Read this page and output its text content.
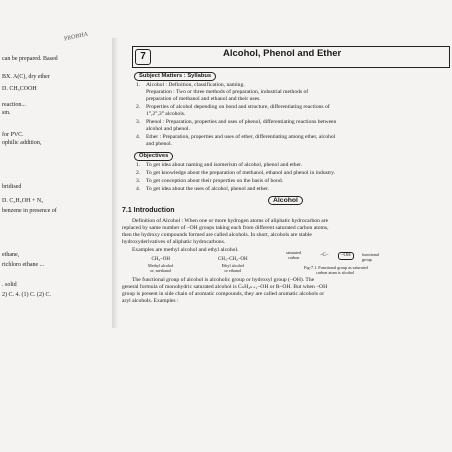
can be prepared. Based
BX. A(C), dry ether
D. CH₃COOH
reaction...
sm.
for PVC.
ophilic addition,
bridised
D. C₂H₅OH + N₂
benzene in presence of
ethane,
richloro ethane ...
. solid
2) C. 4. (1) C. (2) C.
PROBHA
7	Alcohol, Phenol and Ether
Subject Matters : Syllabus
1. Alcohol : Definition, classification, naming.
Preparation : Two or three methods of preparation, industrial methods of
preparation of methanol and ethanol and their uses.
2. Properties of alcohol depending on bond and structure, differentiating reactions of
1°,2°,3° alcohols.
3. Phenol : Preparation, properties and uses of phenol, differentiating reactions between
alcohol and phenol.
4. Ether : Preparation, properties and uses of ether, differentiating among ether, alcohol
and phenol.
Objectives
1. To get idea about naming and isomerism of alcohol, phenol and ether.
2. To get knowledge about the preparation of methanol, ethanol and phenol in industry.
3. To get conception about their properties on the basis of bond.
4. To get idea about the uses of alcohol, phenol and ether.
Alcohol
7.1 Introduction
Definition of Alcohol : When one or more hydrogen atoms of aliphatic hydrocarbon are
replaced by same number of –OH groups taking each from different saturated carbon atoms,
then the hydroxy compounds formed are called alcohols. In short, alcohols are stable
hydroxyderivatives of aliphatic hydrocarbons.
Examples are methyl alcohol and ethyl alcohol.
CH₃–OH
Methyl alcohol
or, methanol
CH₃–CH₂–OH
Ethyl alcohol
or ethanol
saturated
carbon	–C–	–OH	functional
group
Fig-7.1. Functional group as saturated
carbon atom is alcohol
The functional group of alcohol is alcoholic group or hydroxyl group (–OH). The
general formula of monohydric saturated alcohol is CₙH₂ₙ₊₁–OH or R–OH. But when –OH
group is present in side chain of aromatic compounds, they are called aromatic alcohols or
aryl alcohols. Examples :
